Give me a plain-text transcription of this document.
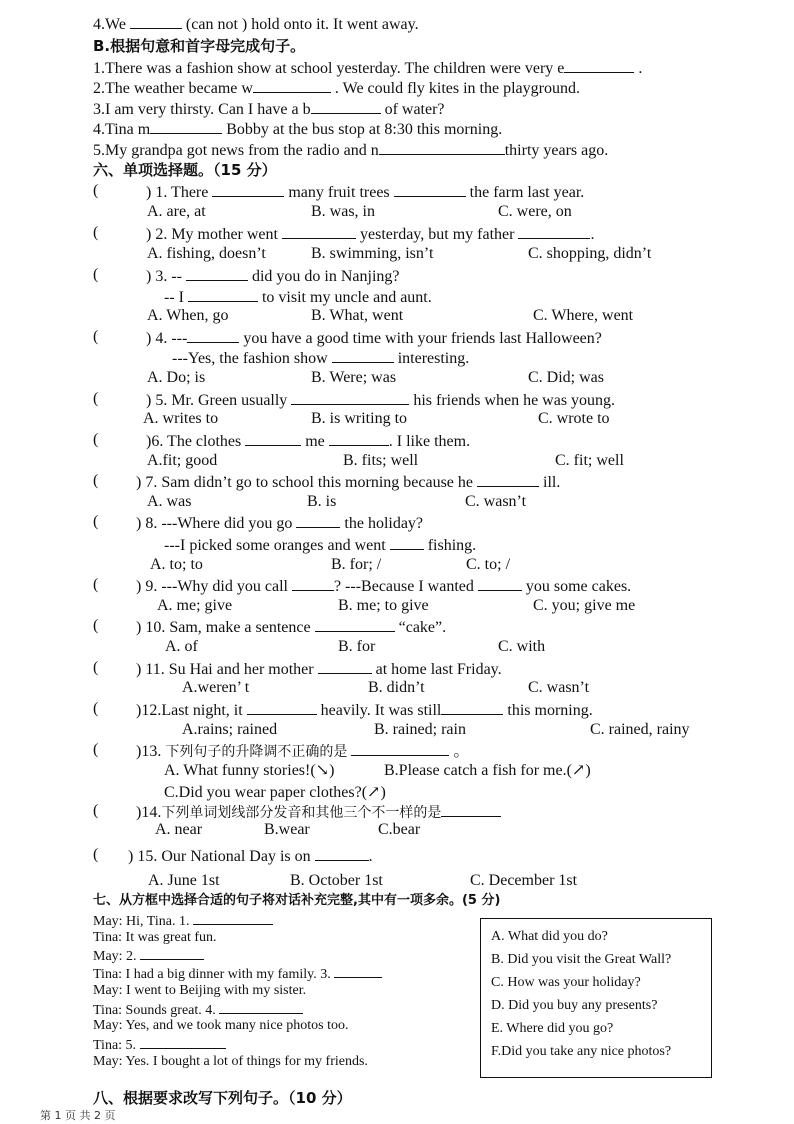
4.We	(can not ) hold onto it. It went away.
B.根据句意和首字母完成句子。
1.There was a fashion show at school yesterday. The children were very e	.
2.The weather became w	. We could fly kites in the playground.
3.I am very thirsty. Can I have a b	of water?
4.Tina m	Bobby at the bus stop at 8:30 this morning.
5.My grandpa got news from the radio and n	thirty years ago.
六、单项选择题。（15 分）
(	) 1. There	many fruit trees	the farm last year.
A. are, at	B. was, in	C. were, on
(	) 2. My mother went	yesterday, but my father	.
A. fishing, doesn’t	B. swimming, isn’t	C. shopping, didn’t
(	) 3. --	did you do in Nanjing?
-- I	to visit my uncle and aunt.
A. When, go	B. What, went	C. Where, went
(	) 4. ---	you have a good time with your friends last Halloween?
---Yes, the fashion show	interesting.
A. Do; is	B. Were; was	C. Did; was
(	) 5. Mr. Green usually	his friends when he was young.
A. writes to	B. is writing to	C. wrote to
(	)6. The clothes	me	. I like them.
A.fit; good	B. fits; well	C. fit; well
( ) 7. Sam didn’t go to school this morning because he	ill.
A. was	B. is	C. wasn’t
( ) 8. ---Where did you go	the holiday?
---I picked some oranges and went  fishing.
A. to; to	B. for; /	C. to; /
( ) 9. ---Why did you call	? ---Because I wanted	you some cakes.
A. me; give	B. me; to give	C. you; give me
( ) 10. Sam, make a sentence	“cake”.
A. of	B. for	C. with
( ) 11. Su Hai and her mother	at home last Friday.
A.weren’ t	B. didn’t	C. wasn’t
( )12.Last night, it	heavily. It was still	this morning.
A.rains; rained	B. rained; rain	C. rained, rainy
( )13. 下列句子的升降调不正确的是	。
A. What funny stories!(↘)	B.Please catch a fish for me.(↗)
C.Did you wear paper clothes?(↗)
( )14.下列单词划线部分发音和其他三个不一样的是
A. near	B.wear	C.bear
( ) 15. Our National Day is on	.
A. June 1st	B. October 1st	C. December 1st
七、从方框中选择合适的句子将对话补充完整,其中有一项多余。(5 分)
May: Hi, Tina. 1.
Tina: It was great fun.
May: 2.
Tina: I had a big dinner with my family. 3.
May: I went to Beijing with my sister.
Tina: Sounds great. 4.
May: Yes, and we took many nice photos too.
Tina: 5.
May: Yes. I bought a lot of things for my friends.
A. What did you do?
B. Did you visit the Great Wall?
C. How was your holiday?
D. Did you buy any presents?
E. Where did you go?
F.Did you take any nice photos?
八、根据要求改写下列句子。（10 分）
第 1 页 共 2 页
